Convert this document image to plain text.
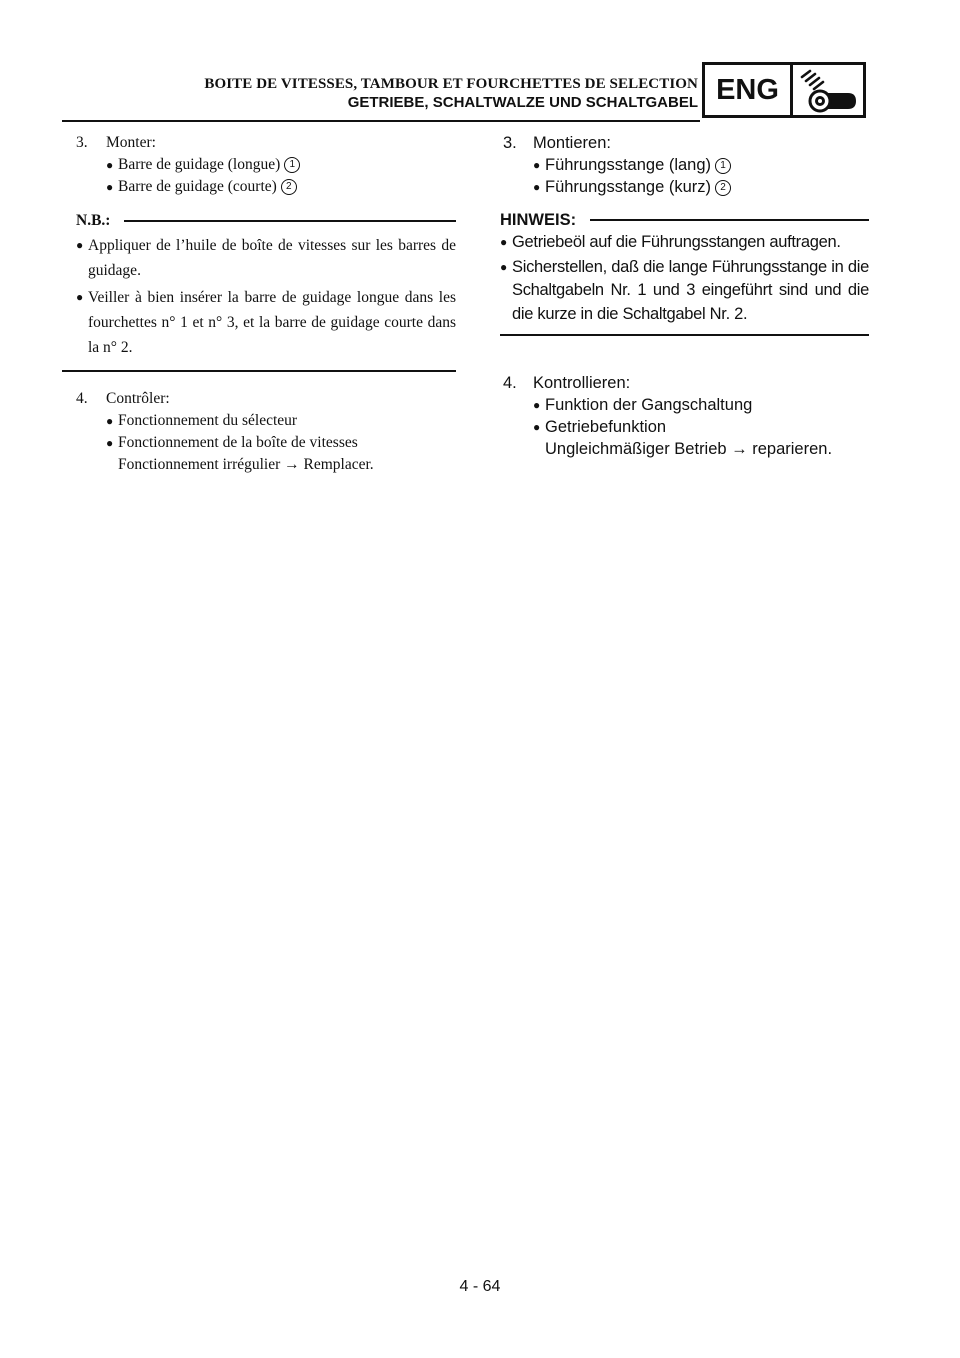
BOITE DE VITESSES, TAMBOUR ET FOURCHETTES DE SELECTION
GETRIEBE, SCHALTWALZE UND SCHALTGABEL ENG
3.	Monter:
● Barre de guidage (longue) 1
● Barre de guidage (courte) 2
N.B.:
● Appliquer de l’huile de boîte de vitesses sur les barres de guidage.
● Veiller à bien insérer la barre de guidage longue dans les fourchettes n° 1 et n° 3, et la barre de guidage courte dans la n° 2.
4.	Contrôler:
● Fonctionnement du sélecteur
● Fonctionnement de la boîte de vitesses
Fonctionnement irrégulier → Remplacer.
3. Montieren:
● Führungsstange (lang) 1
● Führungsstange (kurz) 2
HINWEIS:
● Getriebeöl auf die Führungsstangen auftragen.
● Sicherstellen, daß die lange Führungsstange in die Schaltgabeln Nr. 1 und 3 eingeführt sind und die die kurze in die Schaltgabel Nr. 2.
4. Kontrollieren:
● Funktion der Gangschaltung
● Getriebefunktion
Ungleichmäßiger Betrieb → reparieren.
4 - 64
